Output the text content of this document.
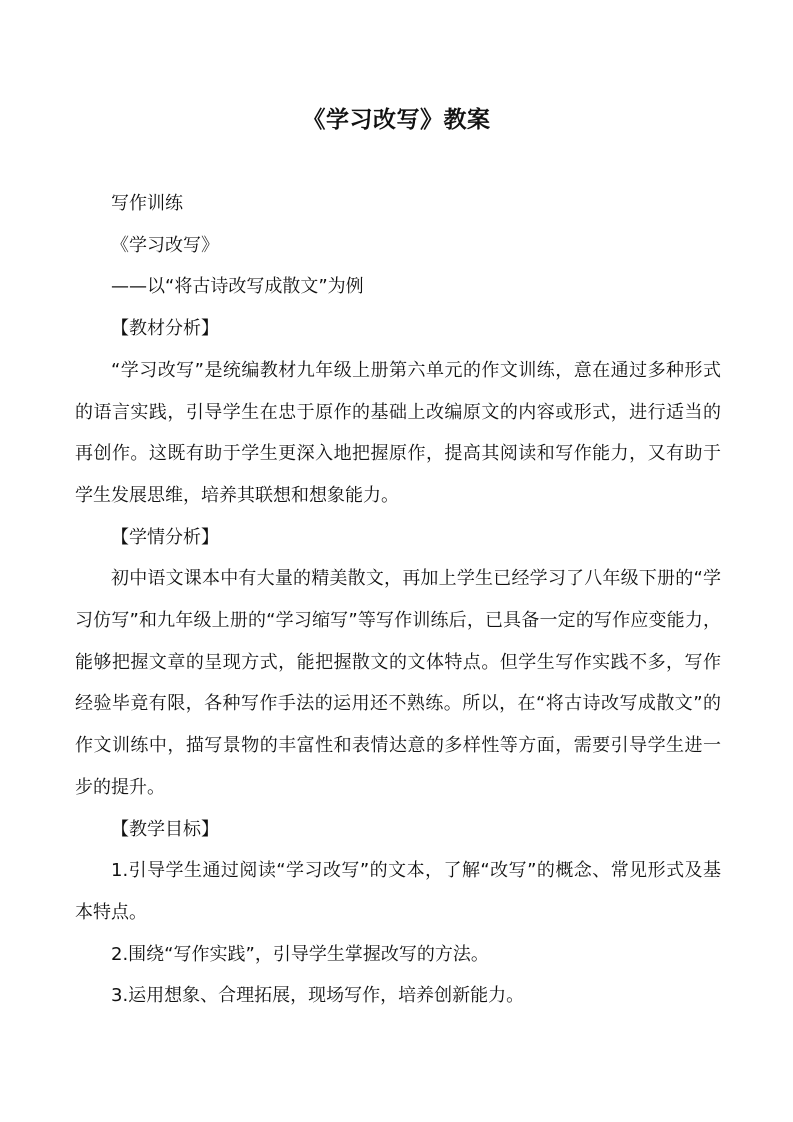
《学习改写》教案

写作训练

《学习改写》

——以“将古诗改写成散文”为例

【教材分析】

“学习改写”是统编教材九年级上册第六单元的作文训练，意在通过多种形式的语言实践，引导学生在忠于原作的基础上改编原文的内容或形式，进行适当的再创作。这既有助于学生更深入地把握原作，提高其阅读和写作能力，又有助于学生发展思维，培养其联想和想象能力。

【学情分析】

初中语文课本中有大量的精美散文，再加上学生已经学习了八年级下册的“学习仿写”和九年级上册的“学习缩写”等写作训练后，已具备一定的写作应变能力，能够把握文章的呈现方式，能把握散文的文体特点。但学生写作实践不多，写作经验毕竟有限，各种写作手法的运用还不熟练。所以，在“将古诗改写成散文”的作文训练中，描写景物的丰富性和表情达意的多样性等方面，需要引导学生进一步的提升。

【教学目标】

1.引导学生通过阅读“学习改写”的文本，了解“改写”的概念、常见形式及基本特点。

2.围绕“写作实践”，引导学生掌握改写的方法。

3.运用想象、合理拓展，现场写作，培养创新能力。
